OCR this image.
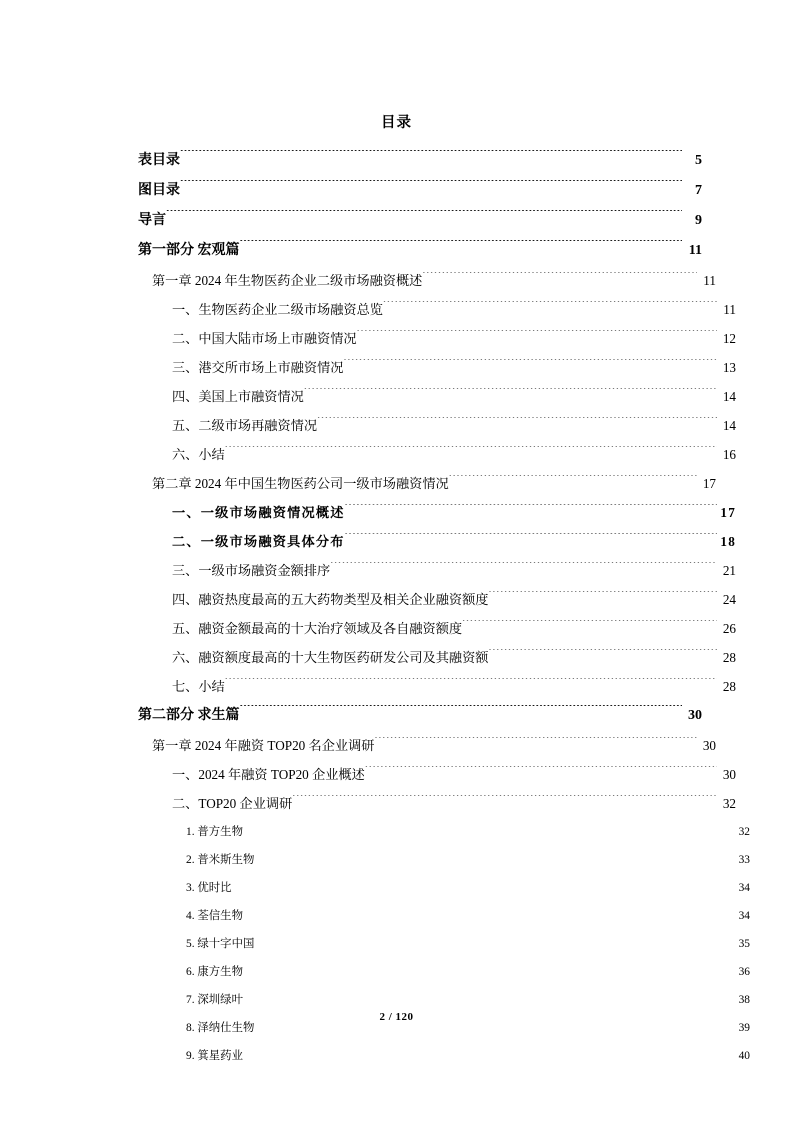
目录
表目录 .....	5
图目录 .....	7
导言 .....	9
第一部分 宏观篇 .....	11
第一章 2024 年生物医药企业二级市场融资概述 .....	11
一、生物医药企业二级市场融资总览 .....	11
二、中国大陆市场上市融资情况 .....	12
三、港交所市场上市融资情况 .....	13
四、美国上市融资情况 .....	14
五、二级市场再融资情况 .....	14
六、小结 .....	16
第二章 2024 年中国生物医药公司一级市场融资情况 .....	17
一、一级市场融资情况概述 .....	17
二、一级市场融资具体分布 .....	18
三、一级市场融资金额排序 .....	21
四、融资热度最高的五大药物类型及相关企业融资额度 .....	24
五、融资金额最高的十大治疗领域及各自融资额度 .....	26
六、融资额度最高的十大生物医药研发公司及其融资额 .....	28
七、小结 .....	28
第二部分 求生篇 .....	30
第一章 2024 年融资 TOP20 名企业调研 .....	30
一、2024 年融资 TOP20 企业概述 .....	30
二、TOP20 企业调研 .....	32
1. 普方生物 .....	32
2. 普米斯生物 .....	33
3. 优时比 .....	34
4. 荃信生物 .....	34
5. 绿十字中国 .....	35
6. 康方生物 .....	36
7. 深圳绿叶 .....	38
8. 泽纳仕生物 .....	39
9. 箕星药业 .....	40
2 / 120
